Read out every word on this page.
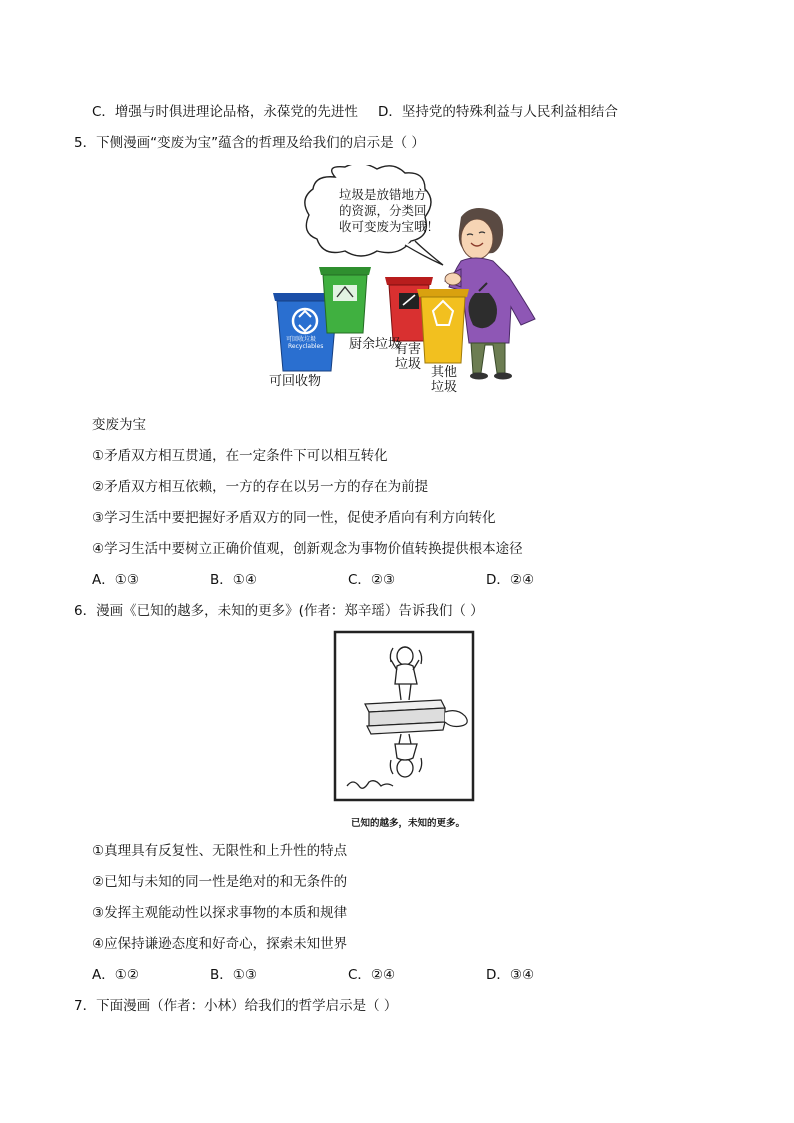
C．增强与时俱进理论品格，永葆党的先进性 D．坚持党的特殊利益与人民利益相结合
5．下侧漫画“变废为宝”蕴含的哲理及给我们的启示是（ ）
垃圾是放错地方
的资源，分类回
收可变废为宝哦！
可回收垃圾
Recyclables 厨余垃圾
可回收物
有害
垃圾
其他
垃圾
变废为宝
①矛盾双方相互贯通，在一定条件下可以相互转化
②矛盾双方相互依赖，一方的存在以另一方的存在为前提
③学习生活中要把握好矛盾双方的同一性，促使矛盾向有利方向转化
④学习生活中要树立正确价值观，创新观念为事物价值转换提供根本途径
A．①③	B．①④	C．②③	D．②④
6．漫画《已知的越多，未知的更多》(作者：郑辛瑶）告诉我们（ ）
已知的越多，未知的更多。
①真理具有反复性、无限性和上升性的特点
②已知与未知的同一性是绝对的和无条件的
③发挥主观能动性以探求事物的本质和规律
④应保持谦逊态度和好奇心，探索未知世界
A．①②	B．①③	C．②④	D．③④
7．下面漫画（作者：小林）给我们的哲学启示是（ ）
